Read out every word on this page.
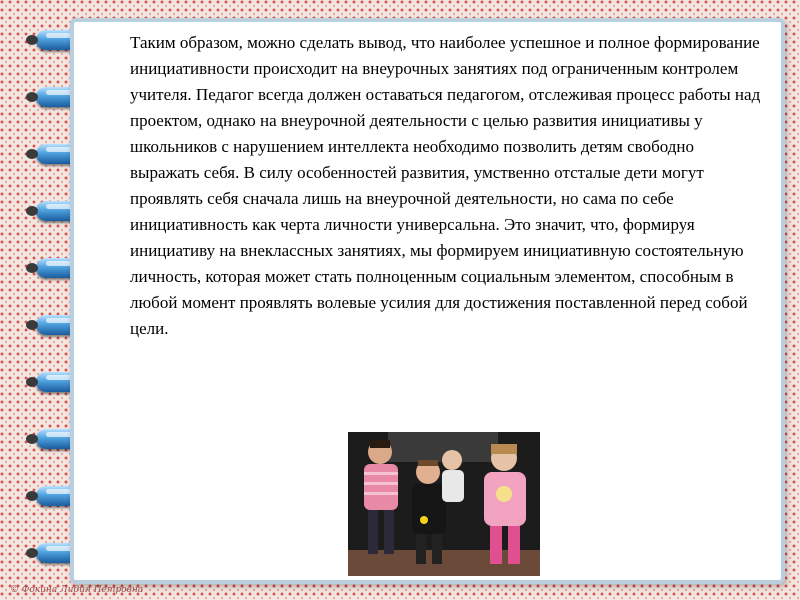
Таким образом, можно сделать вывод, что наиболее успешное и полное формирование инициативности происходит на внеурочных занятиях под ограниченным контролем учителя. Педагог всегда должен оставаться педагогом, отслеживая процесс работы над проектом, однако на внеурочной деятельности с целью развития инициативы у школьников с нарушением интеллекта необходимо позволить детям свободно выражать себя. В силу особенностей развития, умственно отсталые дети могут проявлять себя сначала лишь на внеурочной деятельности, но сама по себе инициативность как черта личности универсальна. Это значит, что, формируя инициативу на внеклассных занятиях, мы формируем инициативную состоятельную личность, которая может стать полноценным социальным элементом, способным в любой момент проявлять волевые усилия для достижения поставленной перед собой цели.

© Фокина Лидия Петровна
